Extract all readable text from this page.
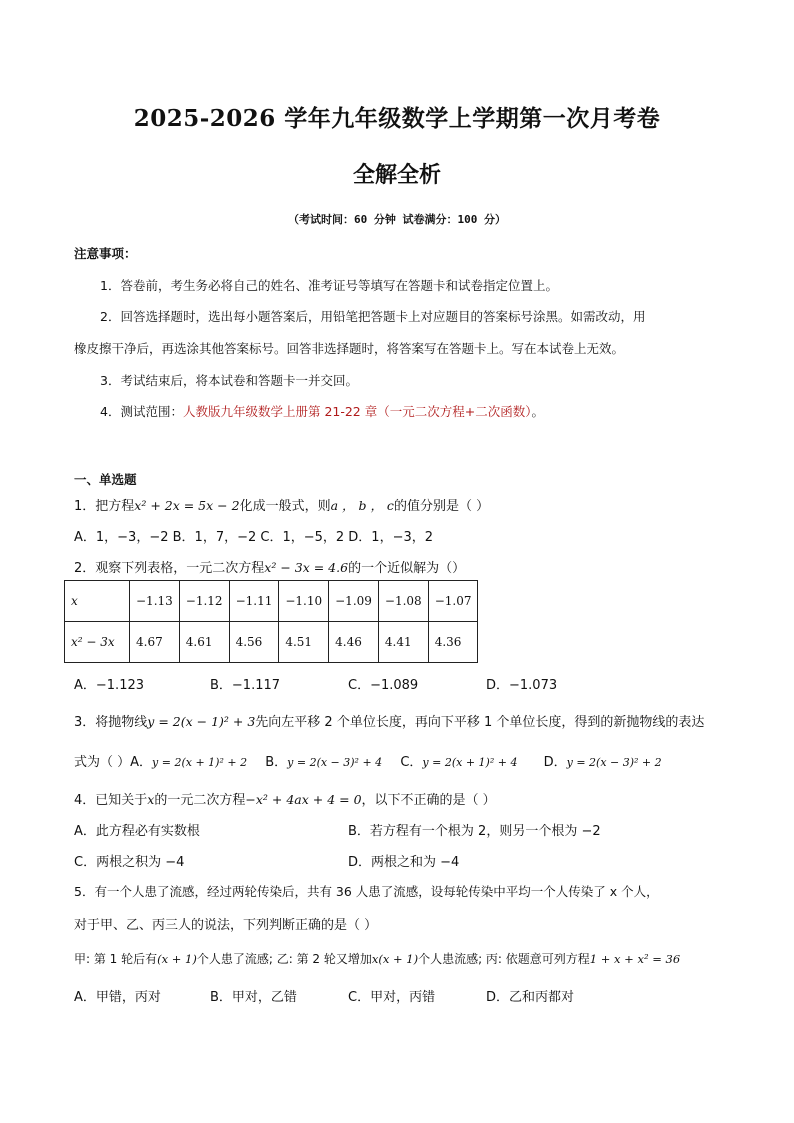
2025-2026 学年九年级数学上学期第一次月考卷
全解全析
（考试时间：60 分钟 试卷满分：100 分）
注意事项：
1．答卷前，考生务必将自己的姓名、准考证号等填写在答题卡和试卷指定位置上。
2．回答选择题时，选出每小题答案后，用铅笔把答题卡上对应题目的答案标号涂黑。如需改动，用
橡皮擦干净后，再选涂其他答案标号。回答非选择题时，将答案写在答题卡上。写在本试卷上无效。
3．考试结束后，将本试卷和答题卡一并交回。
4．测试范围：人教版九年级数学上册第 21-22 章（一元二次方程+二次函数）。
一、单选题
1．把方程x² + 2x = 5x − 2化成一般式，则a ， b ， c的值分别是（ ）
A．1，−3，−2 B．1，7，−2 C．1，−5，2 D．1，−3，2
2．观察下列表格，一元二次方程x² − 3x = 4.6的一个近似解为（）
x	−1.13	−1.12	−1.11	−1.10	−1.09	−1.08	−1.07
x² − 3x	4.67	4.61	4.56	4.51	4.46	4.41	4.36
A．−1.123	B．−1.117	C．−1.089	D．−1.073
3．将抛物线y = 2(x − 1)² + 3先向左平移 2 个单位长度，再向下平移 1 个单位长度，得到的新抛物线的表达
式为（ ）A．y = 2(x + 1)² + 2 B．y = 2(x − 3)² + 4 C．y = 2(x + 1)² + 4 D．y = 2(x − 3)² + 2
4．已知关于x的一元二次方程−x² + 4ax + 4 = 0，以下不正确的是（ ）
A．此方程必有实数根	B．若方程有一个根为 2，则另一个根为 −2
C．两根之积为 −4	D．两根之和为 −4
5．有一个人患了流感，经过两轮传染后，共有 36 人患了流感，设每轮传染中平均一个人传染了 x 个人，
对于甲、乙、丙三人的说法，下列判断正确的是（ ）
甲: 第 1 轮后有(x + 1)个人患了流感; 乙: 第 2 轮又增加x(x + 1)个人患流感; 丙: 依题意可列方程1 + x + x² = 36
A．甲错，丙对	B．甲对，乙错	C．甲对，丙错	D．乙和丙都对
